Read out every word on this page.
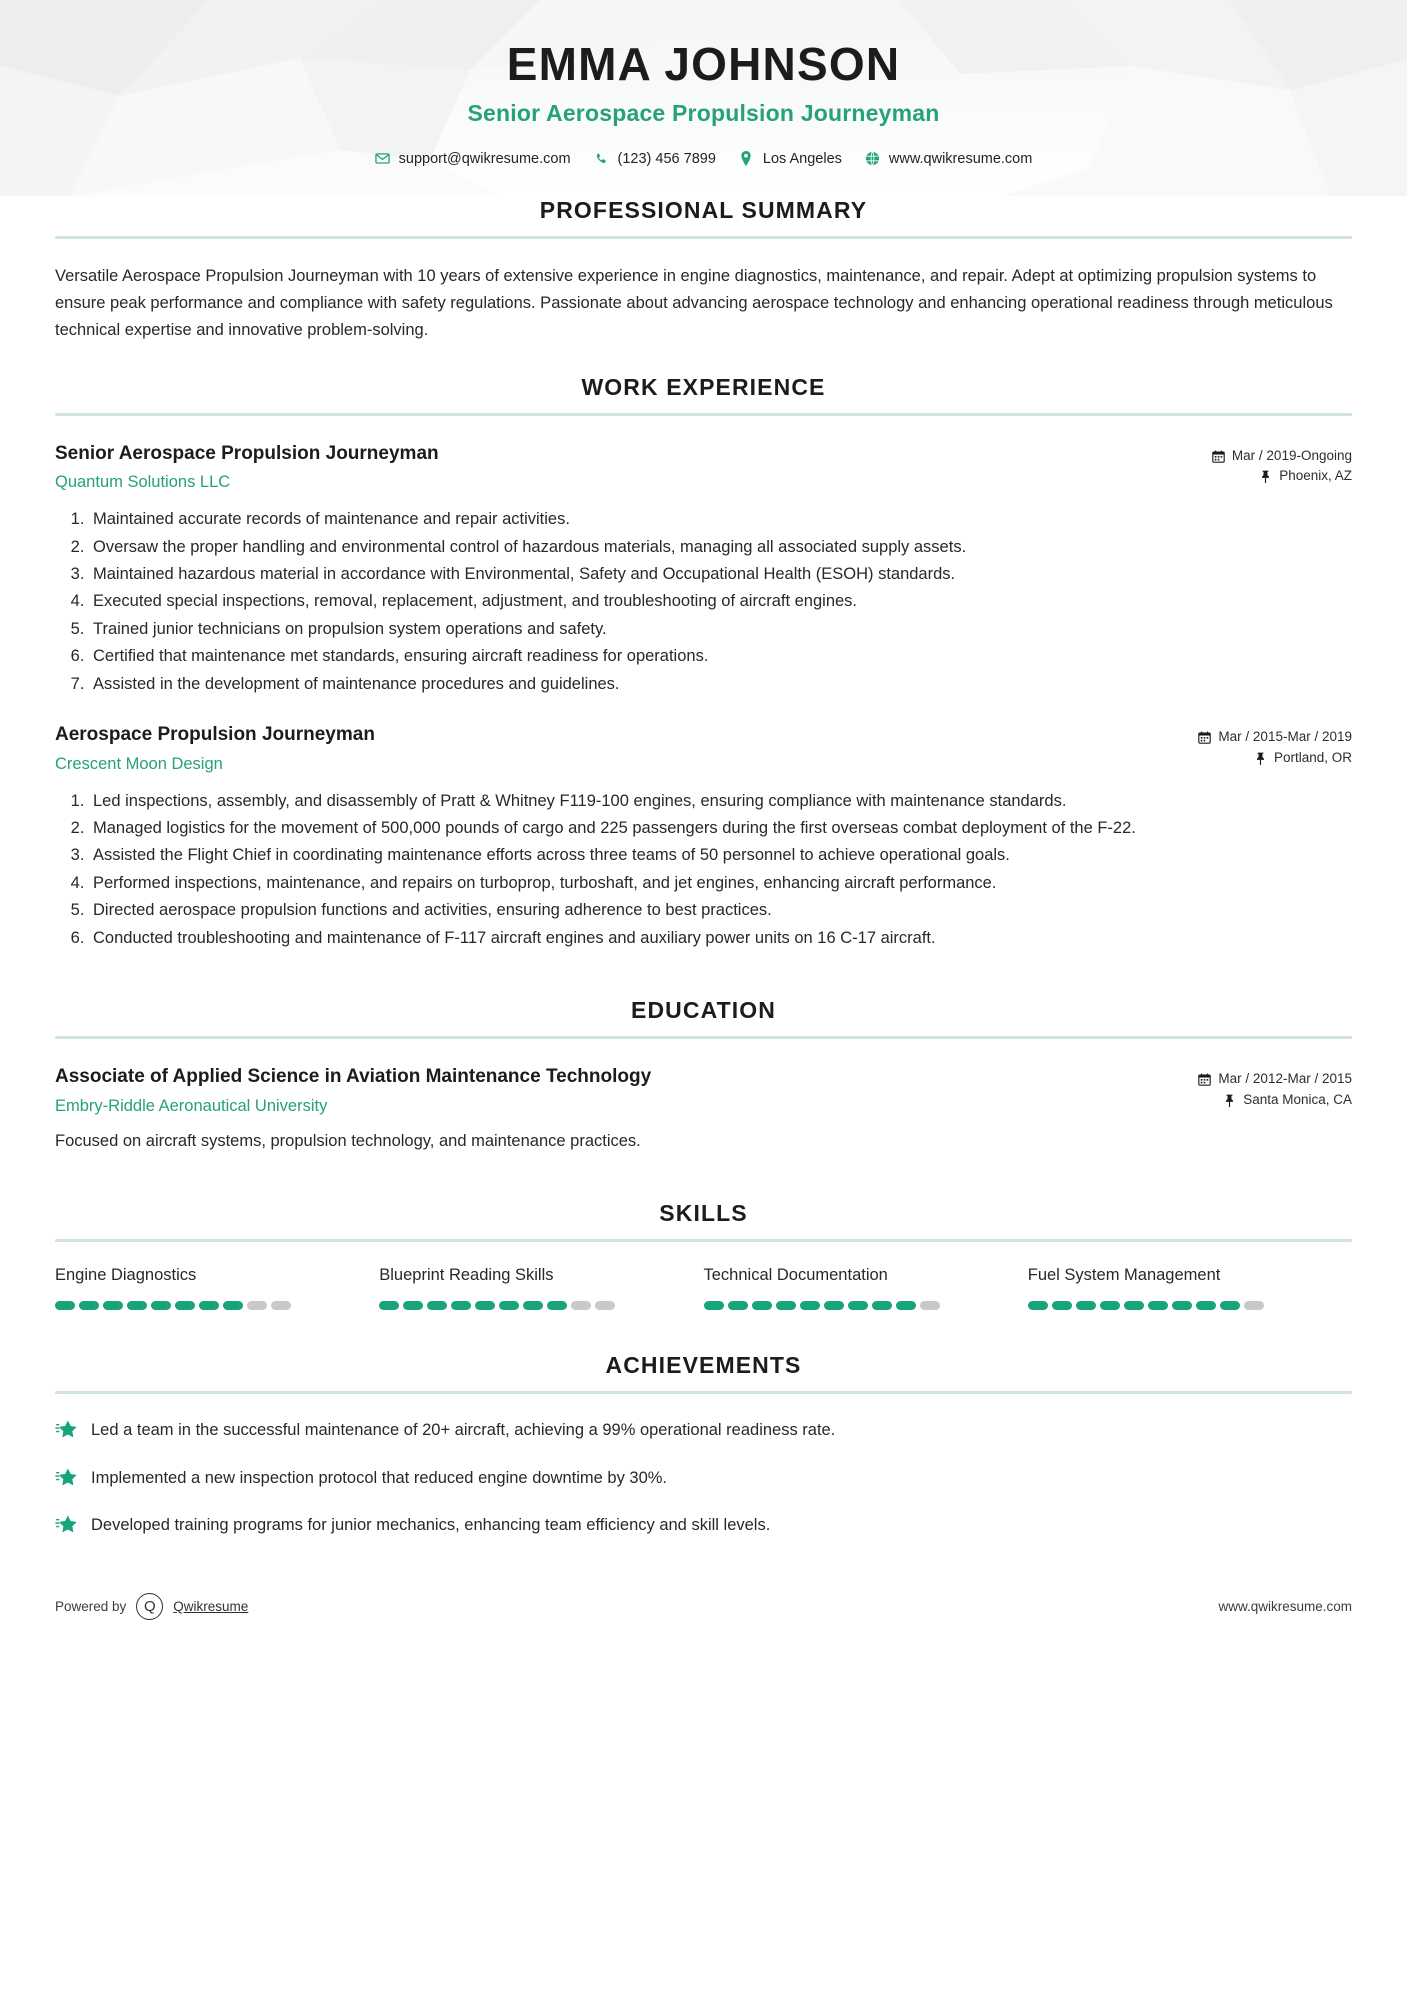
EMMA JOHNSON
Senior Aerospace Propulsion Journeyman
support@qwikresume.com	(123) 456 7899	Los Angeles	www.qwikresume.com
PROFESSIONAL SUMMARY

Versatile Aerospace Propulsion Journeyman with 10 years of extensive experience in engine diagnostics, maintenance, and repair. Adept at optimizing propulsion systems to ensure peak performance and compliance with safety regulations. Passionate about advancing aerospace technology and enhancing operational readiness through meticulous technical expertise and innovative problem-solving.

WORK EXPERIENCE
Senior Aerospace Propulsion Journeyman
Quantum Solutions LLC
Mar / 2019-Ongoing
Phoenix, AZ
1. Maintained accurate records of maintenance and repair activities.
2. Oversaw the proper handling and environmental control of hazardous materials, managing all associated supply assets.
3. Maintained hazardous material in accordance with Environmental, Safety and Occupational Health (ESOH) standards.
4. Executed special inspections, removal, replacement, adjustment, and troubleshooting of aircraft engines.
5. Trained junior technicians on propulsion system operations and safety.
6. Certified that maintenance met standards, ensuring aircraft readiness for operations.
7. Assisted in the development of maintenance procedures and guidelines.
Aerospace Propulsion Journeyman
Crescent Moon Design
Mar / 2015-Mar / 2019
Portland, OR
1. Led inspections, assembly, and disassembly of Pratt & Whitney F119-100 engines, ensuring compliance with maintenance standards.
2. Managed logistics for the movement of 500,000 pounds of cargo and 225 passengers during the first overseas combat deployment of the F-22.
3. Assisted the Flight Chief in coordinating maintenance efforts across three teams of 50 personnel to achieve operational goals.
4. Performed inspections, maintenance, and repairs on turboprop, turboshaft, and jet engines, enhancing aircraft performance.
5. Directed aerospace propulsion functions and activities, ensuring adherence to best practices.
6. Conducted troubleshooting and maintenance of F-117 aircraft engines and auxiliary power units on 16 C-17 aircraft.
EDUCATION
Associate of Applied Science in Aviation Maintenance Technology
Embry-Riddle Aeronautical University
Mar / 2012-Mar / 2015
Santa Monica, CA
Focused on aircraft systems, propulsion technology, and maintenance practices.
SKILLS
Engine Diagnostics	Blueprint Reading Skills	Technical Documentation	Fuel System Management
ACHIEVEMENTS
Led a team in the successful maintenance of 20+ aircraft, achieving a 99% operational readiness rate.
Implemented a new inspection protocol that reduced engine downtime by 30%.
Developed training programs for junior mechanics, enhancing team efficiency and skill levels.
Powered by	Q	Qwikresume	www.qwikresume.com
